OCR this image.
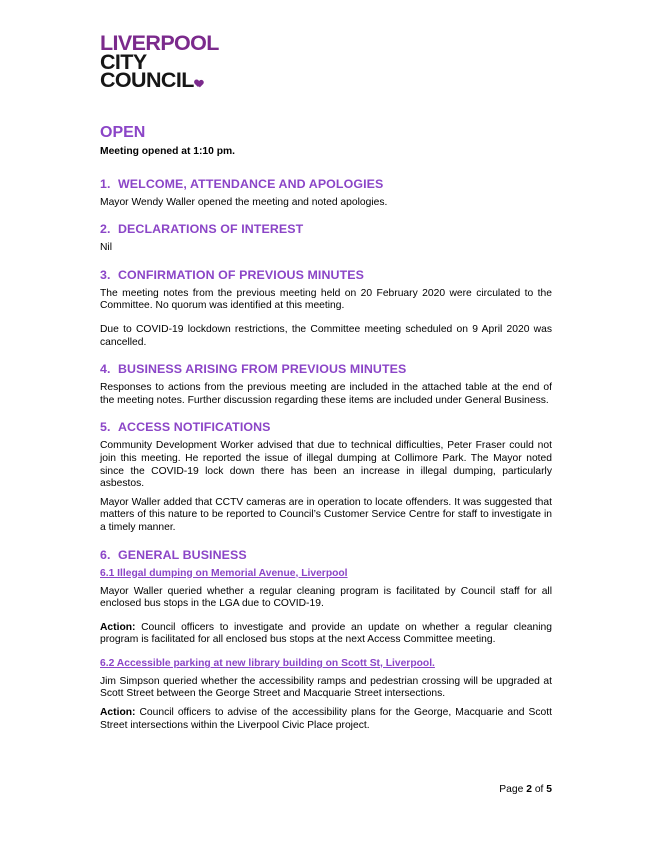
LIVERPOOL
CITY
COUNCIL
OPEN

Meeting opened at 1:10 pm.

1. WELCOME, ATTENDANCE AND APOLOGIES

Mayor Wendy Waller opened the meeting and noted apologies.

2. DECLARATIONS OF INTEREST

Nil

3. CONFIRMATION OF PREVIOUS MINUTES

The meeting notes from the previous meeting held on 20 February 2020 were circulated to the Committee. No quorum was identified at this meeting.

Due to COVID-19 lockdown restrictions, the Committee meeting scheduled on 9 April 2020 was cancelled.

4. BUSINESS ARISING FROM PREVIOUS MINUTES

Responses to actions from the previous meeting are included in the attached table at the end of the meeting notes. Further discussion regarding these items are included under General Business.

5. ACCESS NOTIFICATIONS

Community Development Worker advised that due to technical difficulties, Peter Fraser could not join this meeting. He reported the issue of illegal dumping at Collimore Park. The Mayor noted since the COVID-19 lock down there has been an increase in illegal dumping, particularly asbestos.

Mayor Waller added that CCTV cameras are in operation to locate offenders. It was suggested that matters of this nature to be reported to Council’s Customer Service Centre for staff to investigate in a timely manner.

6. GENERAL BUSINESS
6.1 Illegal dumping on Memorial Avenue, Liverpool

Mayor Waller queried whether a regular cleaning program is facilitated by Council staff for all enclosed bus stops in the LGA due to COVID-19.

Action: Council officers to investigate and provide an update on whether a regular cleaning program is facilitated for all enclosed bus stops at the next Access Committee meeting.

6.2 Accessible parking at new library building on Scott St, Liverpool.

Jim Simpson queried whether the accessibility ramps and pedestrian crossing will be upgraded at Scott Street between the George Street and Macquarie Street intersections.

Action: Council officers to advise of the accessibility plans for the George, Macquarie and Scott Street intersections within the Liverpool Civic Place project.

Page 2 of 5
